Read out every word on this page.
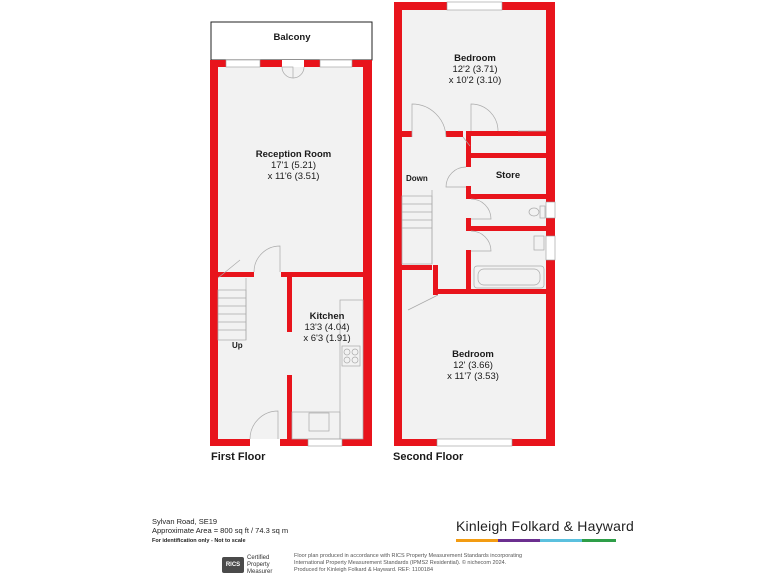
Balcony
Reception Room
17'1 (5.21)
x 11'6 (3.51)
Kitchen
13'3 (4.04)
x 6'3 (1.91)
Bedroom
12'2 (3.71)
x 10'2 (3.10)
Store
Bedroom
12' (3.66)
x 11'7 (3.53)
Up
Down
First Floor	Second Floor
Sylvan Road, SE19
Approximate Area = 800 sq ft / 74.3 sq m
For identification only - Not to scale
RICS
Certified
Property
Measurer
Floor plan produced in accordance with RICS Property Measurement Standards incorporating
International Property Measurement Standards (IPMS2 Residential). © nichecom 2024.
Produced for Kinleigh Folkard & Hayward. REF: 1100184
Kinleigh Folkard & Hayward
